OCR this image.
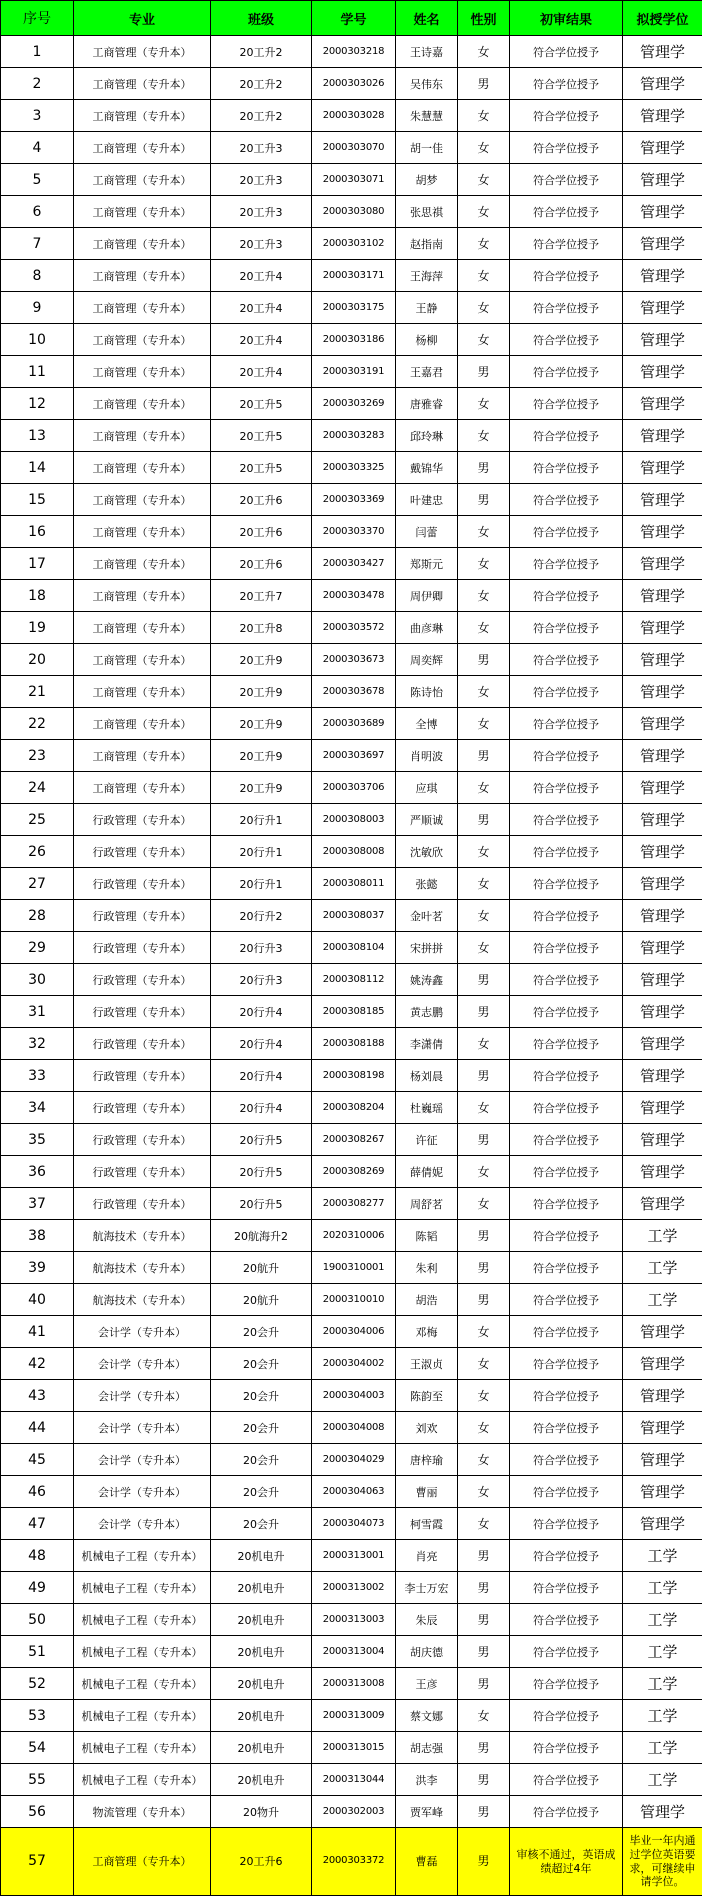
序号	专业	班级	学号	姓名	性别	初审结果	拟授学位
1	工商管理（专升本）	20工升2	2000303218	王诗嘉	女	符合学位授予	管理学
2	工商管理（专升本）	20工升2	2000303026	吴伟东	男	符合学位授予	管理学
3	工商管理（专升本）	20工升2	2000303028	朱慧慧	女	符合学位授予	管理学
4	工商管理（专升本）	20工升3	2000303070	胡一佳	女	符合学位授予	管理学
5	工商管理（专升本）	20工升3	2000303071	胡梦	女	符合学位授予	管理学
6	工商管理（专升本）	20工升3	2000303080	张思祺	女	符合学位授予	管理学
7	工商管理（专升本）	20工升3	2000303102	赵指南	女	符合学位授予	管理学
8	工商管理（专升本）	20工升4	2000303171	王海萍	女	符合学位授予	管理学
9	工商管理（专升本）	20工升4	2000303175	王静	女	符合学位授予	管理学
10	工商管理（专升本）	20工升4	2000303186	杨柳	女	符合学位授予	管理学
11	工商管理（专升本）	20工升4	2000303191	王嘉君	男	符合学位授予	管理学
12	工商管理（专升本）	20工升5	2000303269	唐雅睿	女	符合学位授予	管理学
13	工商管理（专升本）	20工升5	2000303283	邱玲琳	女	符合学位授予	管理学
14	工商管理（专升本）	20工升5	2000303325	戴锦华	男	符合学位授予	管理学
15	工商管理（专升本）	20工升6	2000303369	叶建忠	男	符合学位授予	管理学
16	工商管理（专升本）	20工升6	2000303370	闫蕾	女	符合学位授予	管理学
17	工商管理（专升本）	20工升6	2000303427	郑斯元	女	符合学位授予	管理学
18	工商管理（专升本）	20工升7	2000303478	周伊卿	女	符合学位授予	管理学
19	工商管理（专升本）	20工升8	2000303572	曲彦琳	女	符合学位授予	管理学
20	工商管理（专升本）	20工升9	2000303673	周奕辉	男	符合学位授予	管理学
21	工商管理（专升本）	20工升9	2000303678	陈诗怡	女	符合学位授予	管理学
22	工商管理（专升本）	20工升9	2000303689	全博	女	符合学位授予	管理学
23	工商管理（专升本）	20工升9	2000303697	肖明波	男	符合学位授予	管理学
24	工商管理（专升本）	20工升9	2000303706	应琪	女	符合学位授予	管理学
25	行政管理（专升本）	20行升1	2000308003	严顺诚	男	符合学位授予	管理学
26	行政管理（专升本）	20行升1	2000308008	沈敏欣	女	符合学位授予	管理学
27	行政管理（专升本）	20行升1	2000308011	张懿	女	符合学位授予	管理学
28	行政管理（专升本）	20行升2	2000308037	金叶茗	女	符合学位授予	管理学
29	行政管理（专升本）	20行升3	2000308104	宋拼拼	女	符合学位授予	管理学
30	行政管理（专升本）	20行升3	2000308112	姚涛鑫	男	符合学位授予	管理学
31	行政管理（专升本）	20行升4	2000308185	黄志鹏	男	符合学位授予	管理学
32	行政管理（专升本）	20行升4	2000308188	李潇倩	女	符合学位授予	管理学
33	行政管理（专升本）	20行升4	2000308198	杨刘晨	男	符合学位授予	管理学
34	行政管理（专升本）	20行升4	2000308204	杜巍瑶	女	符合学位授予	管理学
35	行政管理（专升本）	20行升5	2000308267	许征	男	符合学位授予	管理学
36	行政管理（专升本）	20行升5	2000308269	薛倩妮	女	符合学位授予	管理学
37	行政管理（专升本）	20行升5	2000308277	周舒茗	女	符合学位授予	管理学
38	航海技术（专升本）	20航海升2	2020310006	陈韬	男	符合学位授予	工学
39	航海技术（专升本）	20航升	1900310001	朱利	男	符合学位授予	工学
40	航海技术（专升本）	20航升	2000310010	胡浩	男	符合学位授予	工学
41	会计学（专升本）	20会升	2000304006	邓梅	女	符合学位授予	管理学
42	会计学（专升本）	20会升	2000304002	王淑贞	女	符合学位授予	管理学
43	会计学（专升本）	20会升	2000304003	陈韵至	女	符合学位授予	管理学
44	会计学（专升本）	20会升	2000304008	刘欢	女	符合学位授予	管理学
45	会计学（专升本）	20会升	2000304029	唐梓瑜	女	符合学位授予	管理学
46	会计学（专升本）	20会升	2000304063	曹丽	女	符合学位授予	管理学
47	会计学（专升本）	20会升	2000304073	柯雪霞	女	符合学位授予	管理学
48	机械电子工程（专升本）	20机电升	2000313001	肖亮	男	符合学位授予	工学
49	机械电子工程（专升本）	20机电升	2000313002	李士万宏	男	符合学位授予	工学
50	机械电子工程（专升本）	20机电升	2000313003	朱辰	男	符合学位授予	工学
51	机械电子工程（专升本）	20机电升	2000313004	胡庆德	男	符合学位授予	工学
52	机械电子工程（专升本）	20机电升	2000313008	王彦	男	符合学位授予	工学
53	机械电子工程（专升本）	20机电升	2000313009	蔡文娜	女	符合学位授予	工学
54	机械电子工程（专升本）	20机电升	2000313015	胡志强	男	符合学位授予	工学
55	机械电子工程（专升本）	20机电升	2000313044	洪李	男	符合学位授予	工学
56	物流管理（专升本）	20物升	2000302003	贾军峰	男	符合学位授予	管理学
57	工商管理（专升本）	20工升6	2000303372	曹磊	男	审核不通过，英语成绩超过4年	毕业一年内通过学位英语要求，可继续申请学位。
